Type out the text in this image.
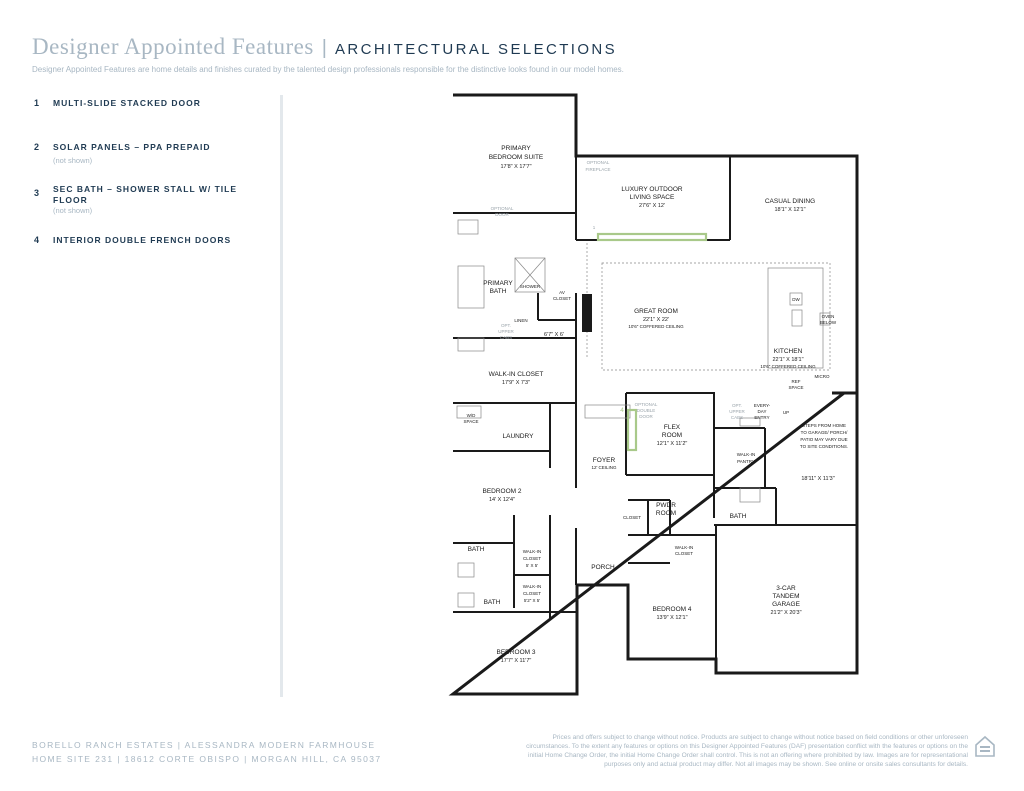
Designer Appointed Features | ARCHITECTURAL SELECTIONS
Designer Appointed Features are home details and finishes curated by the talented design professionals responsible for the distinctive looks found in our model homes.
1 MULTI-SLIDE STACKED DOOR
2 SOLAR PANELS – PPA PREPAID
(not shown)
3 SEC BATH – SHOWER STALL W/ TILE FLOOR
(not shown)
4 INTERIOR DOUBLE FRENCH DOORS
1
4
PRIMARY
BEDROOM SUITE
17'8" X 17'7"
LUXURY OUTDOOR
LIVING SPACE
27'6" X 12'
CASUAL DINING
18'1" X 12'1"
GREAT ROOM
22'1" X 22'
10'6" COFFERED CEILING
KITCHEN
22'1" X 18'1"
10'6" COFFERED CEILING
PRIMARY
BATH
WALK-IN CLOSET
17'9" X 7'3"
LAUNDRY
FLEX
ROOM
12'1" X 11'2"
FOYER
12' CEILING
WALK-IN
PANTRY
18'11" X 11'3"
BEDROOM 2
14' X 12'4"
BATH	WALK-IN
CLOSET
5' X 5'
WALK-IN
CLOSET
5'2" X 5'
BATH
PWDR
ROOM
CLOSET
WALK-IN
CLOSET
BATH
PORCH
BEDROOM 4
13'9" X 12'1"
3-CAR
TANDEM
GARAGE
21'2" X 20'3"
BEDROOM 3
17'7" X 11'7"
6'7" X 6'
SHOWER
AV
CLOSET
LINEN
OPTIONAL
DOOR
OPTIONAL
FIREPLACE
OPT.
UPPER
CABS
OPT.
UPPER
CABS
W/D
SPACE
DW
OVEN
BELOW
MICRO
REF
SPACE
EVERY-
DAY
ENTRY
UP
OPTIONAL
DOUBLE
DOOR
STEPS FROM HOME
TO GARAGE/ PORCH/
PATIO MAY VARY DUE
TO SITE CONDITIONS.
BORELLO RANCH ESTATES | ALESSANDRA MODERN FARMHOUSE
HOME SITE 231 | 18612 CORTE OBISPO | MORGAN HILL, CA 95037
Prices and offers subject to change without notice. Products are subject to change without notice based on field conditions or other unforeseen circumstances. To the extent any features or options on this Designer Appointed Features (DAF) presentation conflict with the features or options on the initial Home Change Order, the initial Home Change Order shall control. This is not an offering where prohibited by law. Images are for representational purposes only and actual product may differ. Not all images may be shown. See online or onsite sales consultants for details.
